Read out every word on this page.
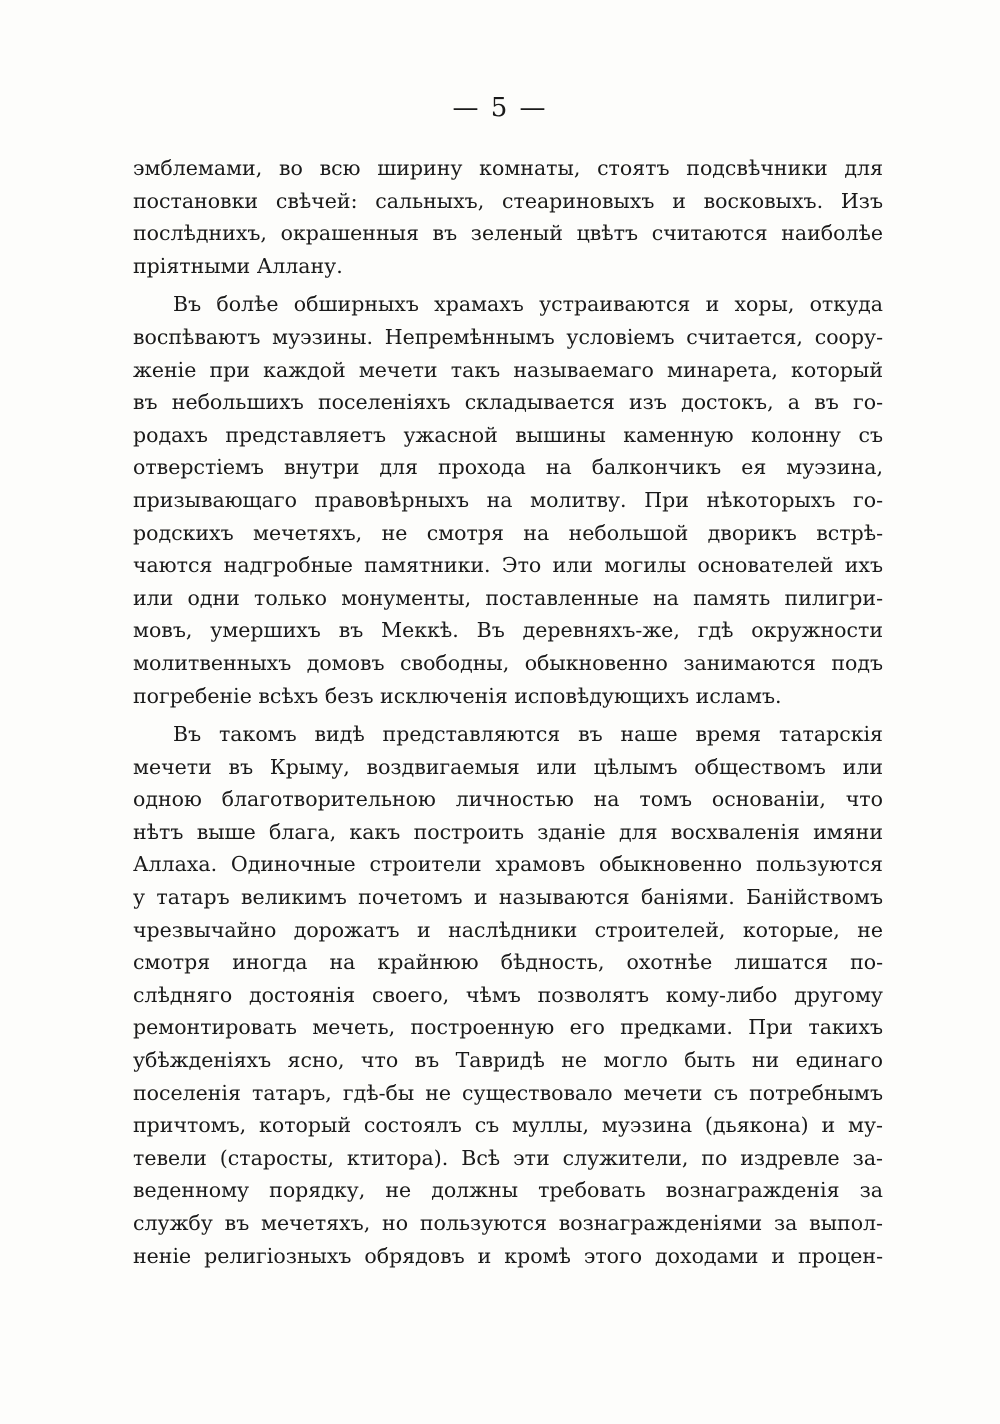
— 5 —
эмблемами, во всю ширину комнаты, стоятъ подсвѣчники для
постановки свѣчей: сальныхъ, стеариновыхъ и восковыхъ. Изъ
послѣднихъ, окрашенныя въ зеленый цвѣтъ считаются наиболѣе
пріятными Аллану.
Въ болѣе обширныхъ храмахъ устраиваются и хоры, откуда
воспѣваютъ муэзины. Непремѣннымъ условіемъ считается, соору-
женіе при каждой мечети такъ называемаго минарета, который
въ небольшихъ поселеніяхъ складывается изъ достокъ, а въ го-
родахъ представляетъ ужасной вышины каменную колонну съ
отверстіемъ внутри для прохода на балкончикъ ея муэзина,
призывающаго правовѣрныхъ на молитву. При нѣкоторыхъ го-
родскихъ мечетяхъ, не смотря на небольшой дворикъ встрѣ-
чаются надгробные памятники. Это или могилы основателей ихъ
или одни только монументы, поставленные на память пилигри-
мовъ, умершихъ въ Меккѣ. Въ деревняхъ-же, гдѣ окружности
молитвенныхъ домовъ свободны, обыкновенно занимаются подъ
погребеніе всѣхъ безъ исключенія исповѣдующихъ исламъ.
Въ такомъ видѣ представляются въ наше время татарскія
мечети въ Крыму, воздвигаемыя или цѣлымъ обществомъ или
одною благотворительною личностью на томъ основаніи, что
нѣтъ выше блага, какъ построить зданіе для восхваленія имяни
Аллаха. Одиночные строители храмовъ обыкновенно пользуются
у татаръ великимъ почетомъ и называются баніями. Банійствомъ
чрезвычайно дорожатъ и наслѣдники строителей, которые, не
смотря иногда на крайнюю бѣдность, охотнѣе лишатся по-
слѣдняго достоянія своего, чѣмъ позволятъ кому-либо другому
ремонтировать мечеть, построенную его предками. При такихъ
убѣжденіяхъ ясно, что въ Тавридѣ не могло быть ни единаго
поселенія татаръ, гдѣ-бы не существовало мечети съ потребнымъ
причтомъ, который состоялъ съ муллы, муэзина (дьякона) и му-
тевели (старосты, ктитора). Всѣ эти служители, по издревле за-
веденному порядку, не должны требовать вознагражденія за
службу въ мечетяхъ, но пользуются вознагражденіями за выпол-
неніе религіозныхъ обрядовъ и кромѣ этого доходами и процен-
